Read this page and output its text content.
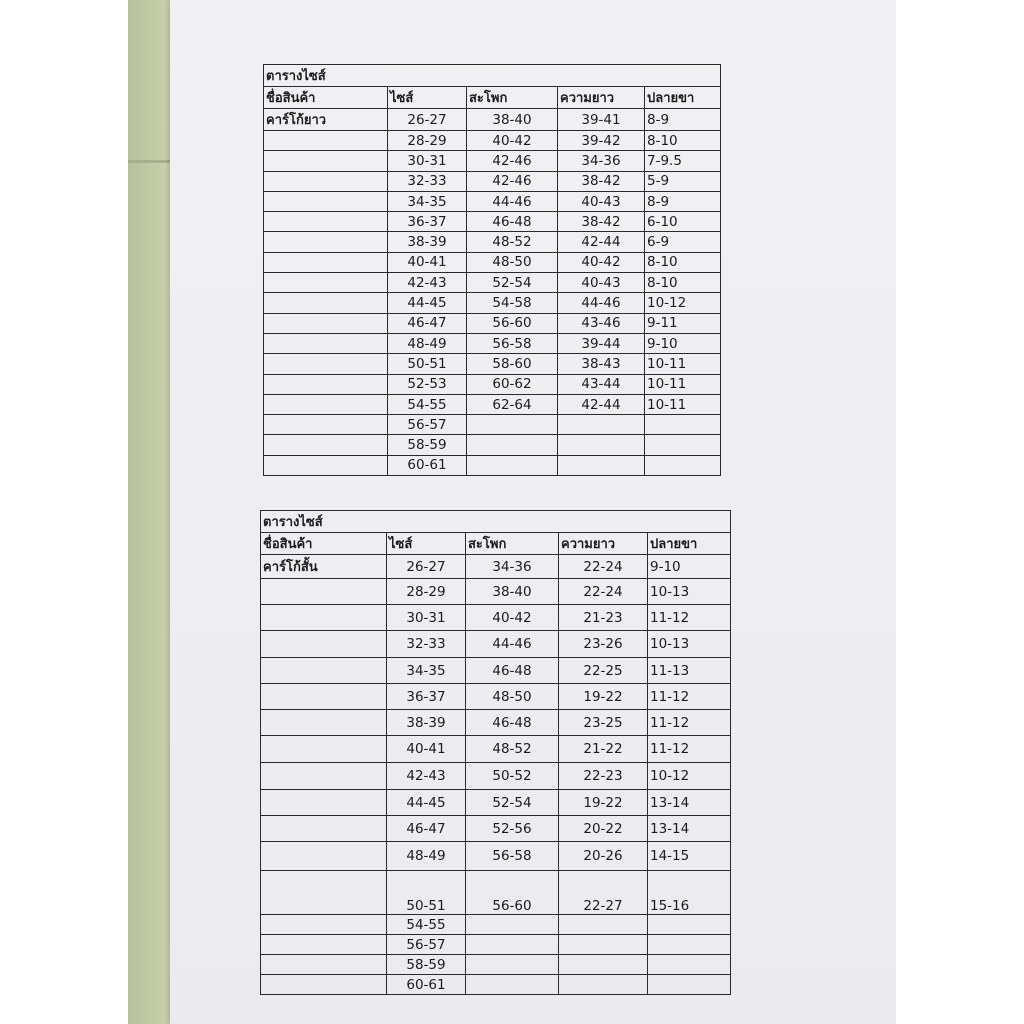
ตารางไซส์				
ชื่อสินค้า	ไซส์	สะโพก	ความยาว	ปลายขา
คาร์โก้ยาว	26-27	38-40	39-41	8-9
	28-29	40-42	39-42	8-10
	30-31	42-46	34-36	7-9.5
	32-33	42-46	38-42	5-9
	34-35	44-46	40-43	8-9
	36-37	46-48	38-42	6-10
	38-39	48-52	42-44	6-9
	40-41	48-50	40-42	8-10
	42-43	52-54	40-43	8-10
	44-45	54-58	44-46	10-12
	46-47	56-60	43-46	9-11
	48-49	56-58	39-44	9-10
	50-51	58-60	38-43	10-11
	52-53	60-62	43-44	10-11
	54-55	62-64	42-44	10-11
	56-57			
	58-59			
	60-61			
ตารางไซส์				
ชื่อสินค้า	ไซส์	สะโพก	ความยาว	ปลายขา
คาร์โก้สั้น	26-27	34-36	22-24	9-10
	28-29	38-40	22-24	10-13
	30-31	40-42	21-23	11-12
	32-33	44-46	23-26	10-13
	34-35	46-48	22-25	11-13
	36-37	48-50	19-22	11-12
	38-39	46-48	23-25	11-12
	40-41	48-52	21-22	11-12
	42-43	50-52	22-23	10-12
	44-45	52-54	19-22	13-14
	46-47	52-56	20-22	13-14
	48-49	56-58	20-26	14-15
	50-51	56-60	22-27	15-16
	54-55			
	56-57			
	58-59			
	60-61			
